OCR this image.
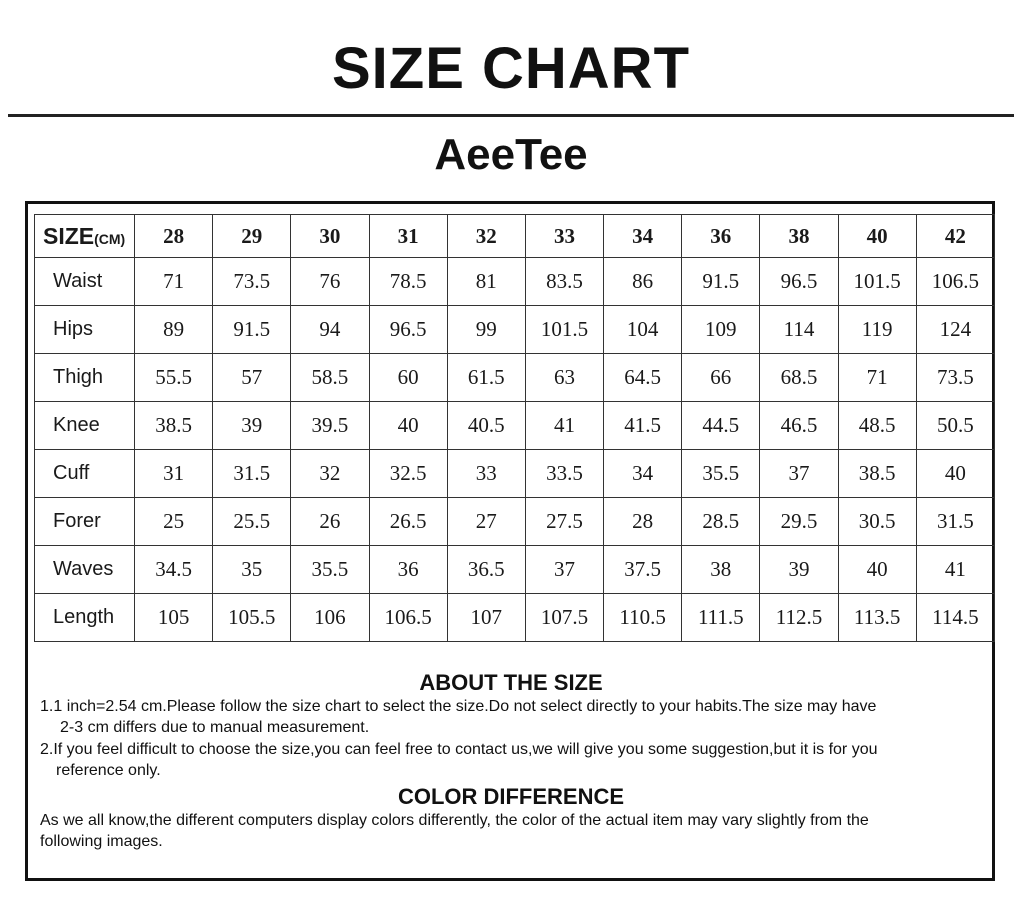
SIZE CHART
AeeTee
SIZE(CM)	28	29	30	31	32	33	34	36	38	40	42
Waist	71	73.5	76	78.5	81	83.5	86	91.5	96.5	101.5	106.5
Hips	89	91.5	94	96.5	99	101.5	104	109	114	119	124
Thigh	55.5	57	58.5	60	61.5	63	64.5	66	68.5	71	73.5
Knee	38.5	39	39.5	40	40.5	41	41.5	44.5	46.5	48.5	50.5
Cuff	31	31.5	32	32.5	33	33.5	34	35.5	37	38.5	40
Forer	25	25.5	26	26.5	27	27.5	28	28.5	29.5	30.5	31.5
Waves	34.5	35	35.5	36	36.5	37	37.5	38	39	40	41
Length	105	105.5	106	106.5	107	107.5	110.5	111.5	112.5	113.5	114.5
ABOUT THE SIZE
1.1 inch=2.54 cm.Please follow the size chart to select the size.Do not select directly to your habits.The size may have
2-3 cm differs due to manual measurement.
2.If you feel difficult to choose the size,you can feel free to contact us,we will give you some suggestion,but it is for you
reference only.
COLOR DIFFERENCE
As we all know,the different computers display colors differently, the color of the actual item may vary slightly from the
following images.
